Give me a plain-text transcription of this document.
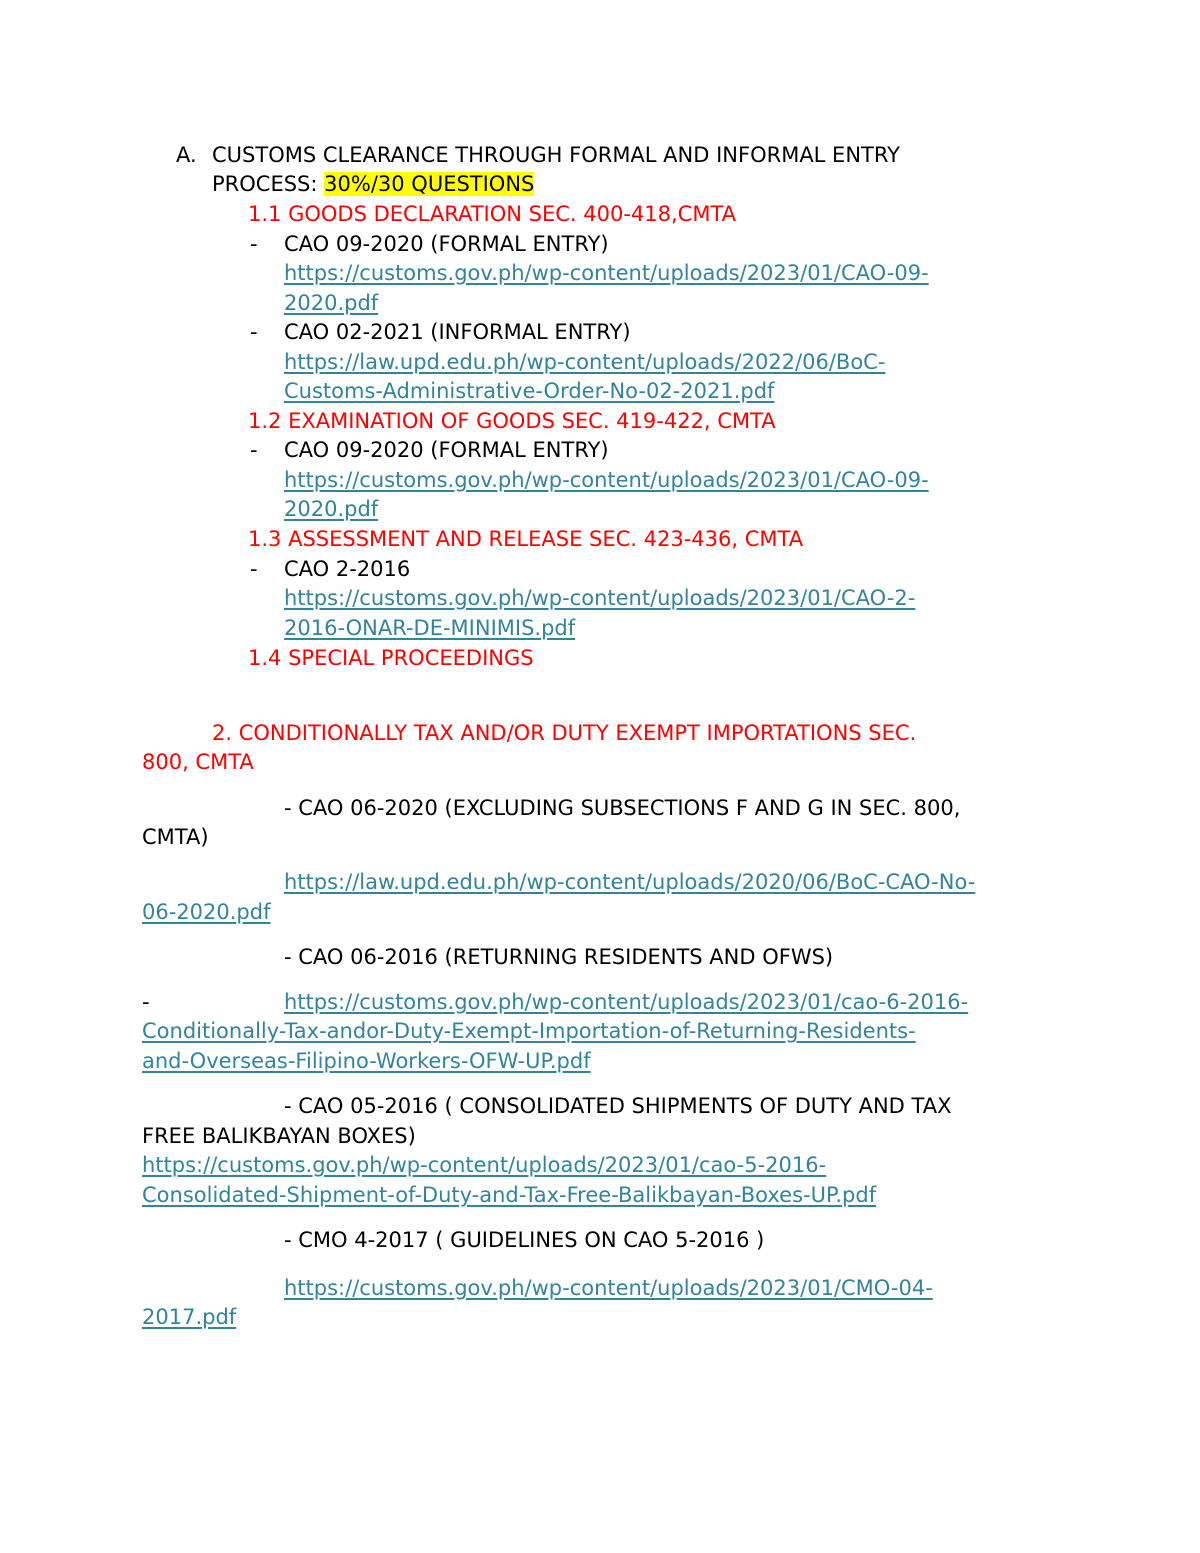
A. CUSTOMS CLEARANCE THROUGH FORMAL AND INFORMAL ENTRY
PROCESS: 30%/30 QUESTIONS
1.1 GOODS DECLARATION SEC. 400-418,CMTA
-	CAO 09-2020 (FORMAL ENTRY)
https://customs.gov.ph/wp-content/uploads/2023/01/CAO-09-
2020.pdf
-	CAO 02-2021 (INFORMAL ENTRY)
https://law.upd.edu.ph/wp-content/uploads/2022/06/BoC-
Customs-Administrative-Order-No-02-2021.pdf
1.2 EXAMINATION OF GOODS SEC. 419-422, CMTA
-	CAO 09-2020 (FORMAL ENTRY)
https://customs.gov.ph/wp-content/uploads/2023/01/CAO-09-
2020.pdf
1.3 ASSESSMENT AND RELEASE SEC. 423-436, CMTA
-	CAO 2-2016
https://customs.gov.ph/wp-content/uploads/2023/01/CAO-2-
2016-ONAR-DE-MINIMIS.pdf
1.4 SPECIAL PROCEEDINGS
2. CONDITIONALLY TAX AND/OR DUTY EXEMPT IMPORTATIONS SEC.
800, CMTA
- CAO 06-2020 (EXCLUDING SUBSECTIONS F AND G IN SEC. 800,
CMTA)
https://law.upd.edu.ph/wp-content/uploads/2020/06/BoC-CAO-No-
06-2020.pdf
- CAO 06-2016 (RETURNING RESIDENTS AND OFWS)
-	https://customs.gov.ph/wp-content/uploads/2023/01/cao-6-2016-
Conditionally-Tax-andor-Duty-Exempt-Importation-of-Returning-Residents-
and-Overseas-Filipino-Workers-OFW-UP.pdf
- CAO 05-2016 ( CONSOLIDATED SHIPMENTS OF DUTY AND TAX
FREE BALIKBAYAN BOXES)
https://customs.gov.ph/wp-content/uploads/2023/01/cao-5-2016-
Consolidated-Shipment-of-Duty-and-Tax-Free-Balikbayan-Boxes-UP.pdf
- CMO 4-2017 ( GUIDELINES ON CAO 5-2016 )
https://customs.gov.ph/wp-content/uploads/2023/01/CMO-04-
2017.pdf
